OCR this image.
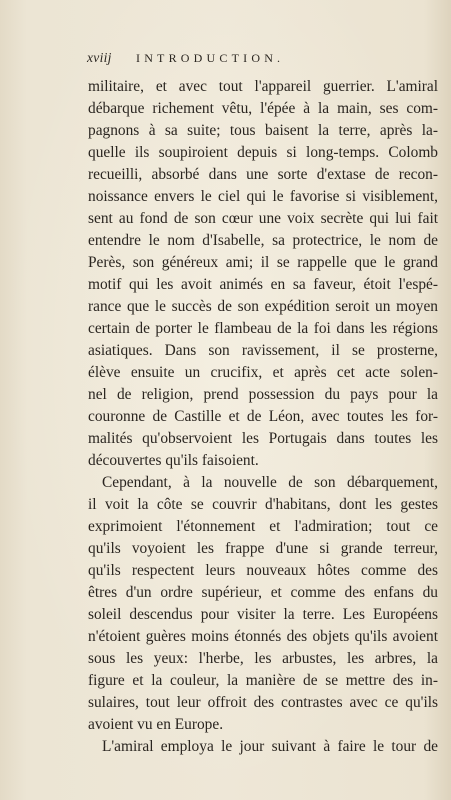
xviij INTRODUCTION.
militaire, et avec tout l'appareil guerrier. L'amiral
débarque richement vêtu, l'épée à la main, ses com-
pagnons à sa suite; tous baisent la terre, après la-
quelle ils soupiroient depuis si long-temps. Colomb
recueilli, absorbé dans une sorte d'extase de recon-
noissance envers le ciel qui le favorise si visiblement,
sent au fond de son cœur une voix secrète qui lui fait
entendre le nom d'Isabelle, sa protectrice, le nom de
Perès, son généreux ami; il se rappelle que le grand
motif qui les avoit animés en sa faveur, étoit l'espé-
rance que le succès de son expédition seroit un moyen
certain de porter le flambeau de la foi dans les régions
asiatiques. Dans son ravissement, il se prosterne,
élève ensuite un crucifix, et après cet acte solen-
nel de religion, prend possession du pays pour la
couronne de Castille et de Léon, avec toutes les for-
malités qu'observoient les Portugais dans toutes les
découvertes qu'ils faisoient.
Cependant, à la nouvelle de son débarquement,
il voit la côte se couvrir d'habitans, dont les gestes
exprimoient l'étonnement et l'admiration; tout ce
qu'ils voyoient les frappe d'une si grande terreur,
qu'ils respectent leurs nouveaux hôtes comme des
êtres d'un ordre supérieur, et comme des enfans du
soleil descendus pour visiter la terre. Les Européens
n'étoient guères moins étonnés des objets qu'ils avoient
sous les yeux: l'herbe, les arbustes, les arbres, la
figure et la couleur, la manière de se mettre des in-
sulaires, tout leur offroit des contrastes avec ce qu'ils
avoient vu en Europe.
L'amiral employa le jour suivant à faire le tour de
